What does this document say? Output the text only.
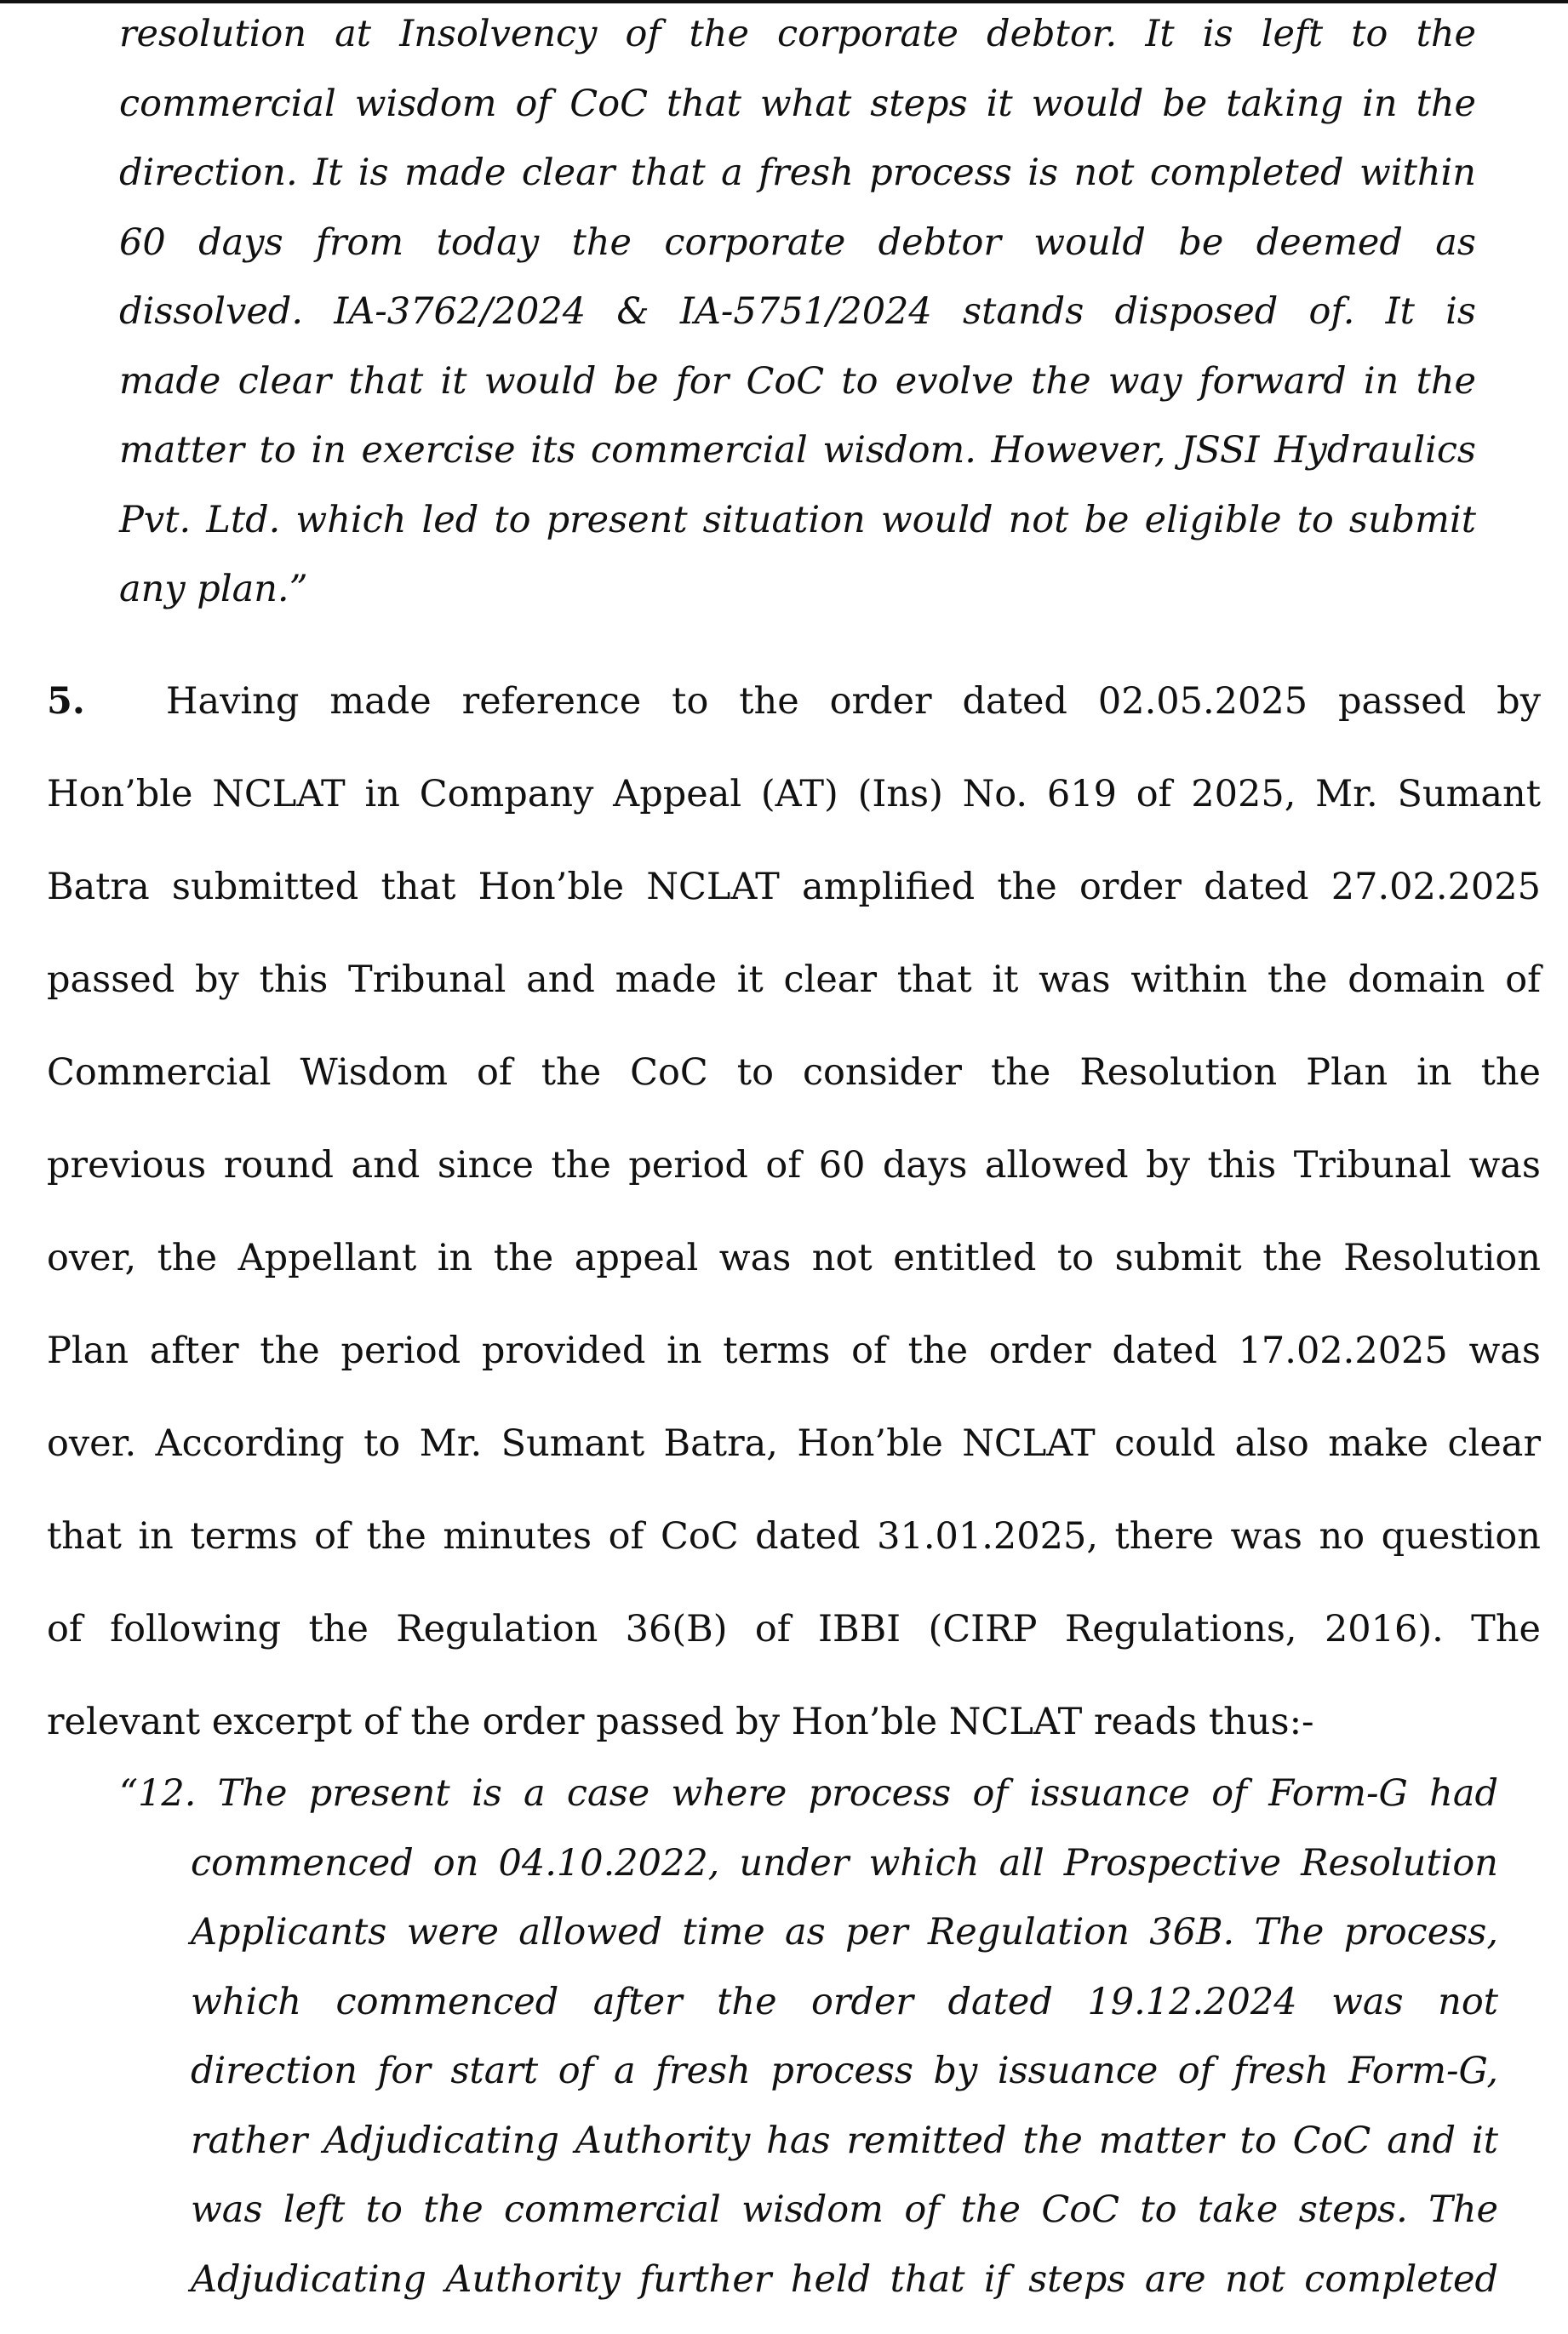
resolution at Insolvency of the corporate debtor. It is left to the
commercial wisdom of CoC that what steps it would be taking in the
direction. It is made clear that a fresh process is not completed within
60 days from today the corporate debtor would be deemed as
dissolved. IA-3762/2024 & IA-5751/2024 stands disposed of. It is
made clear that it would be for CoC to evolve the way forward in the
matter to in exercise its commercial wisdom. However, JSSI Hydraulics
Pvt. Ltd. which led to present situation would not be eligible to submit
any plan.”
5. Having made reference to the order dated 02.05.2025 passed by
Hon’ble NCLAT in Company Appeal (AT) (Ins) No. 619 of 2025, Mr. Sumant
Batra submitted that Hon’ble NCLAT amplified the order dated 27.02.2025
passed by this Tribunal and made it clear that it was within the domain of
Commercial Wisdom of the CoC to consider the Resolution Plan in the
previous round and since the period of 60 days allowed by this Tribunal was
over, the Appellant in the appeal was not entitled to submit the Resolution
Plan after the period provided in terms of the order dated 17.02.2025 was
over. According to Mr. Sumant Batra, Hon’ble NCLAT could also make clear
that in terms of the minutes of CoC dated 31.01.2025, there was no question
of following the Regulation 36(B) of IBBI (CIRP Regulations, 2016). The
relevant excerpt of the order passed by Hon’ble NCLAT reads thus:-
“12. The present is a case where process of issuance of Form-G had
commenced on 04.10.2022, under which all Prospective Resolution
Applicants were allowed time as per Regulation 36B. The process,
which commenced after the order dated 19.12.2024 was not
direction for start of a fresh process by issuance of fresh Form-G,
rather Adjudicating Authority has remitted the matter to CoC and it
was left to the commercial wisdom of the CoC to take steps. The
Adjudicating Authority further held that if steps are not completed
